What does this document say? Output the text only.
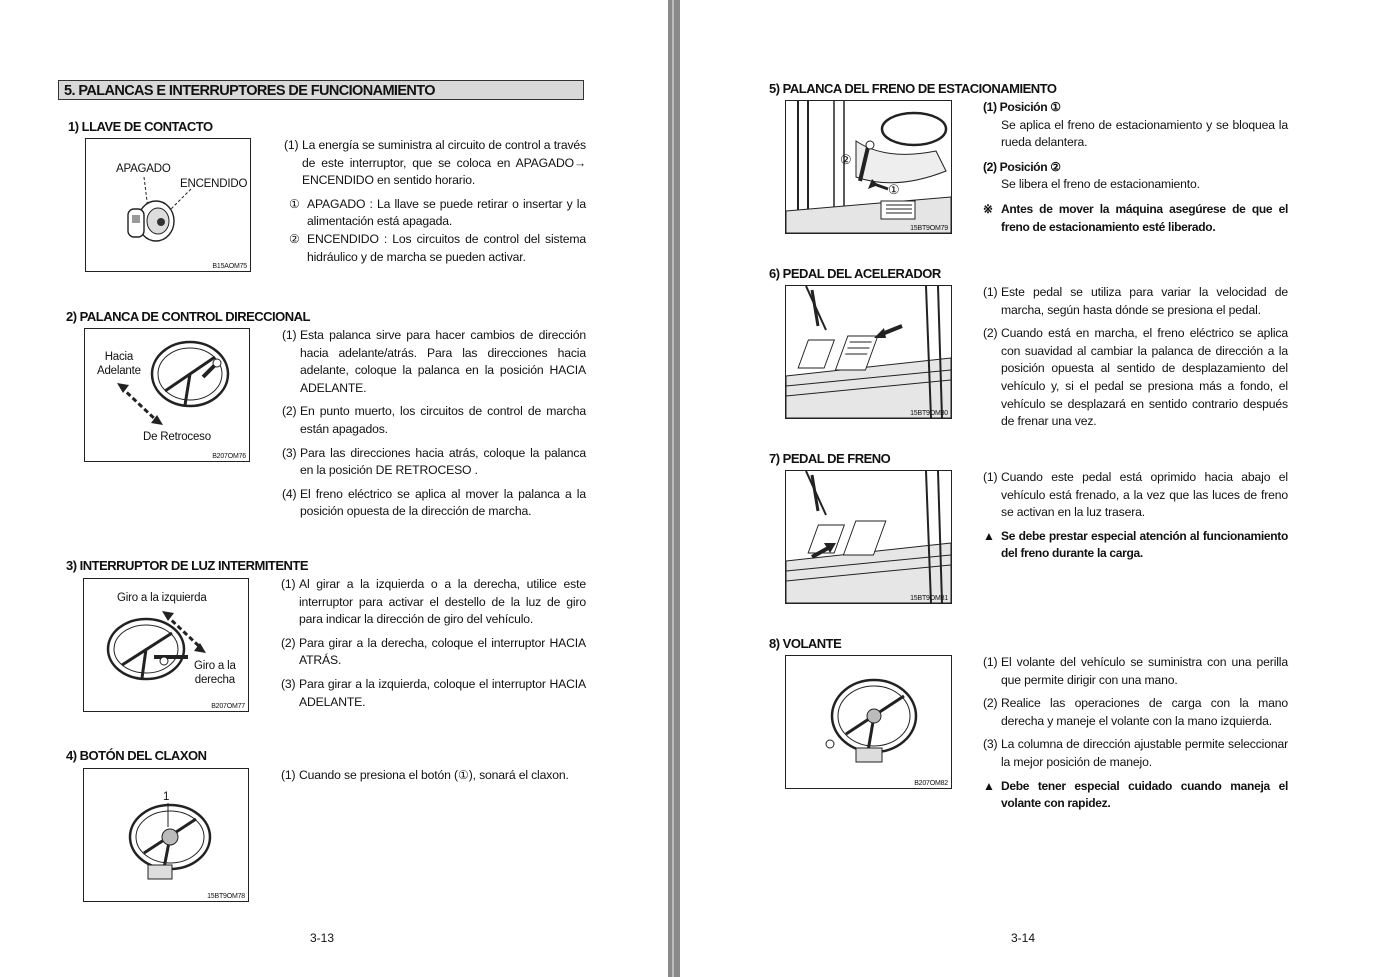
5. PALANCAS E INTERRUPTORES DE FUNCIONAMIENTO
1) LLAVE DE CONTACTO
APAGADO
ENCENDIDO
B15AOM75
(1) La energía se suministra al circuito de control a través de este interruptor, que se coloca en APAGADO→ ENCENDIDO en sentido horario.
① APAGADO : La llave se puede retirar o insertar y la alimentación está apagada.
② ENCENDIDO : Los circuitos de control del sistema hidráulico y de marcha se pueden activar.
2) PALANCA DE CONTROL DIRECCIONAL
Hacia
Adelante
De Retroceso
B207OM76
(1) Esta palanca sirve para hacer cambios de dirección hacia adelante/atrás. Para las direcciones hacia adelante, coloque la palanca en la posición HACIA ADELANTE.
(2) En punto muerto, los circuitos de control de marcha están apagados.
(3) Para las direcciones hacia atrás, coloque la palanca en la posición DE RETROCESO .
(4) El freno eléctrico se aplica al mover la palanca a la posición opuesta de la dirección de marcha.
3) INTERRUPTOR DE LUZ INTERMITENTE
Giro a la izquierda
Giro a la
derecha
B207OM77
(1) Al girar a la izquierda o a la derecha, utilice este interruptor para activar el destello de la luz de giro para indicar la dirección de giro del vehículo.
(2) Para girar a la derecha, coloque el interruptor HACIA ATRÁS.
(3) Para girar a la izquierda, coloque el interruptor HACIA ADELANTE.
4) BOTÓN DEL CLAXON
1
15BT9OM78
(1) Cuando se presiona el botón (①), sonará el claxon.
3-13
5) PALANCA DEL FRENO DE ESTACIONAMIENTO
②
①
15BT9OM79
(1) Posición ①
Se aplica el freno de estacionamiento y se bloquea la rueda delantera.
(2) Posición ②
Se libera el freno de estacionamiento.
※ Antes de mover la máquina asegúrese de que el freno de estacionamiento esté liberado.
6) PEDAL DEL ACELERADOR
15BT9OM80
(1) Este pedal se utiliza para variar la velocidad de marcha, según hasta dónde se presiona el pedal.
(2) Cuando está en marcha, el freno eléctrico se aplica con suavidad al cambiar la palanca de dirección a la posición opuesta al sentido de desplazamiento del vehículo y, si el pedal se presiona más a fondo, el vehículo se desplazará en sentido contrario después de frenar una vez.
7) PEDAL DE FRENO
15BT9OM81
(1) Cuando este pedal está oprimido hacia abajo el vehículo está frenado, a la vez que las luces de freno se activan en la luz trasera.
▲ Se debe prestar especial atención al funcionamiento del freno durante la carga.
8) VOLANTE
B207OM82
(1) El volante del vehículo se suministra con una perilla que permite dirigir con una mano.
(2) Realice las operaciones de carga con la mano derecha y maneje el volante con la mano izquierda.
(3) La columna de dirección ajustable permite seleccionar la mejor posición de manejo.
▲ Debe tener especial cuidado cuando maneja el volante con rapidez.
3-14
